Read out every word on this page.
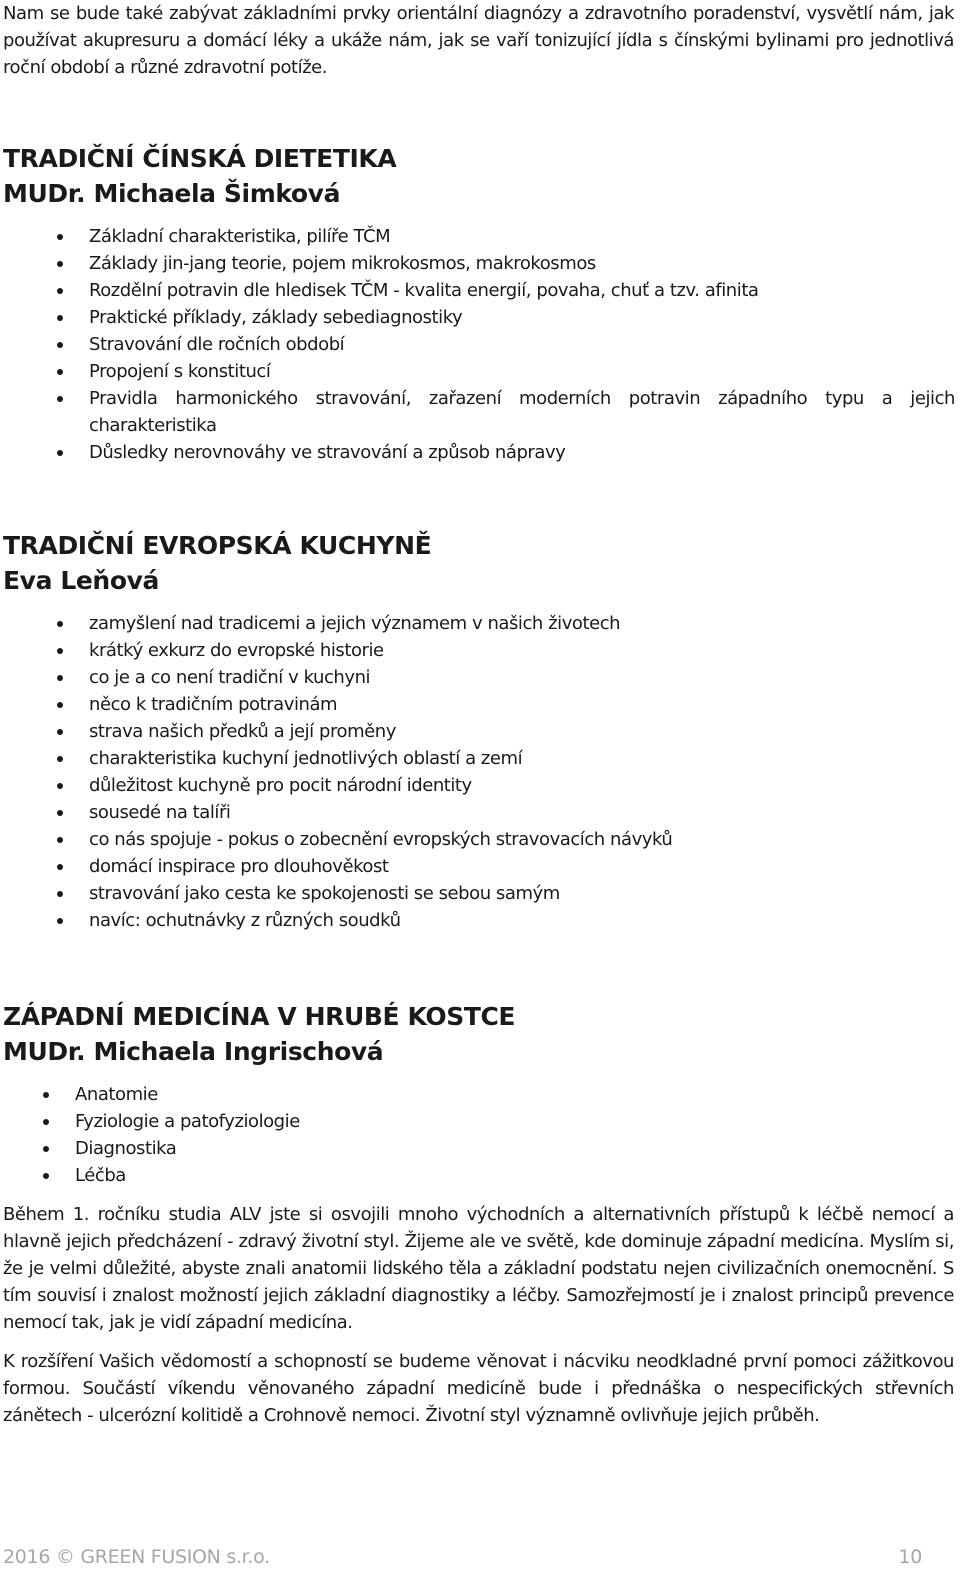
Nam se bude také zabývat základními prvky orientální diagnózy a zdravotního poradenství, vysvětlí nám, jak používat akupresuru a domácí léky a ukáže nám, jak se vaří tonizující jídla s čínskými bylinami pro jednotlivá roční období a různé zdravotní potíže.

TRADIČNÍ ČÍNSKÁ DIETETIKA
MUDr. Michaela Šimková
Základní charakteristika, pilíře TČM
Základy jin-jang teorie, pojem mikrokosmos, makrokosmos
Rozdělní potravin dle hledisek TČM - kvalita energií, povaha, chuť a tzv. afinita
Praktické příklady, základy sebediagnostiky
Stravování dle ročních období
Propojení s konstitucí
Pravidla harmonického stravování, zařazení moderních potravin západního typu a jejich charakteristika
Důsledky nerovnováhy ve stravování a způsob nápravy
TRADIČNÍ EVROPSKÁ KUCHYNĚ
Eva Leňová
zamyšlení nad tradicemi a jejich významem v našich životech
krátký exkurz do evropské historie
co je a co není tradiční v kuchyni
něco k tradičním potravinám
strava našich předků a její proměny
charakteristika kuchyní jednotlivých oblastí a zemí
důležitost kuchyně pro pocit národní identity
sousedé na talíři
co nás spojuje - pokus o zobecnění evropských stravovacích návyků
domácí inspirace pro dlouhověkost
stravování jako cesta ke spokojenosti se sebou samým
navíc: ochutnávky z různých soudků
ZÁPADNÍ MEDICÍNA V HRUBÉ KOSTCE
MUDr. Michaela Ingrischová
Anatomie
Fyziologie a patofyziologie
Diagnostika
Léčba

Během 1. ročníku studia ALV jste si osvojili mnoho východních a alternativních přístupů k léčbě nemocí a hlavně jejich předcházení - zdravý životní styl. Žijeme ale ve světě, kde dominuje západní medicína. Myslím si, že je velmi důležité, abyste znali anatomii lidského těla a základní podstatu nejen civilizačních onemocnění. S tím souvisí i znalost možností jejich základní diagnostiky a léčby. Samozřejmostí je i znalost principů prevence nemocí tak, jak je vidí západní medicína.

K rozšíření Vašich vědomostí a schopností se budeme věnovat i nácviku neodkladné první pomoci zážitkovou formou. Součástí víkendu věnovaného západní medicíně bude i přednáška o nespecifických střevních zánětech - ulcerózní kolitidě a Crohnově nemoci. Životní styl významně ovlivňuje jejich průběh.

2016 © GREEN FUSION s.r.o.	10
